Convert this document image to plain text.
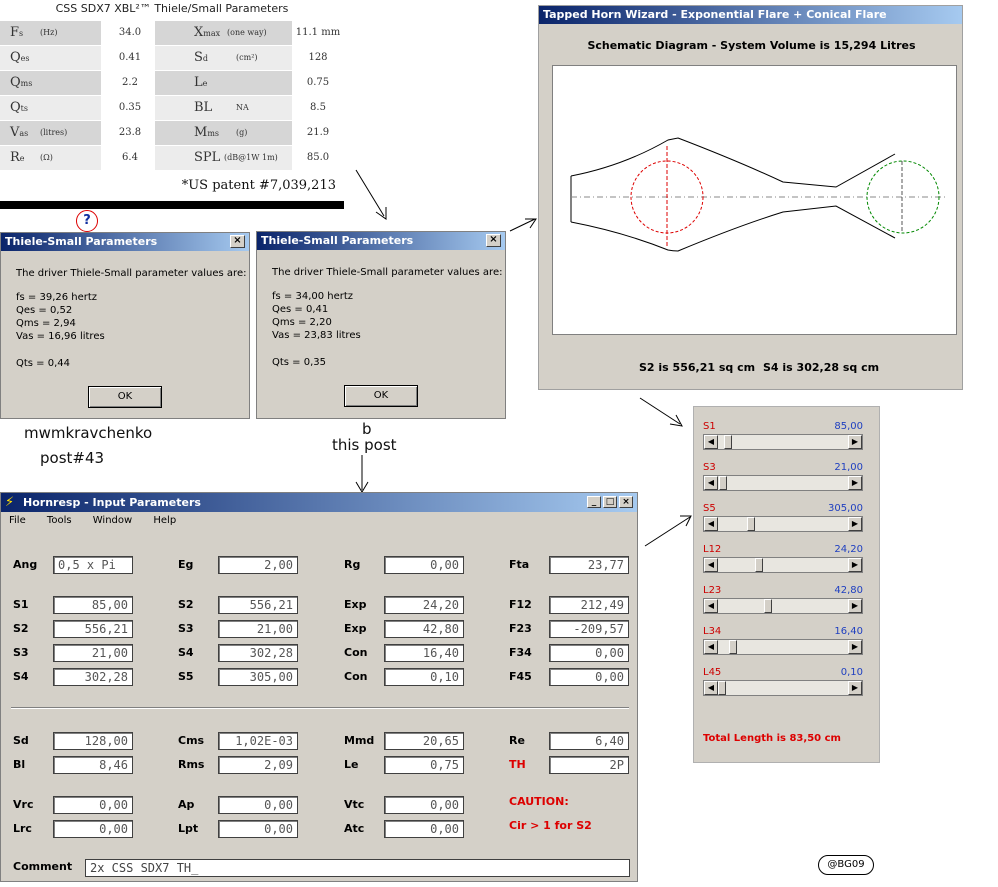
CSS SDX7 XBL²™ Thiele/Small Parameters
Fs (Hz)	34.0	Xmax (one way)	11.1 mm
Qes	0.41	Sd	(cm²)	128
Qms	2.2	Le	0.75
Qts	0.35	BL	NA	8.5
Vas (litres)	23.8	Mms (g)	21.9
Re (Ω)	6.4	SPL (dB@1W 1m)	85.0
*US patent #7,039,213
?
Thiele-Small Parameters	×
The driver Thiele-Small parameter values are:
fs = 39,26 hertz
Qes = 0,52
Qms = 2,94
Vas = 16,96 litres
Qts = 0,44
OK
Thiele-Small Parameters	×
The driver Thiele-Small parameter values are:
fs = 34,00 hertz
Qes = 0,41
Qms = 2,20
Vas = 23,83 litres
Qts = 0,35
OK
mwmkravchenko
post#43
b
this post
Tapped Horn Wizard - Exponential Flare + Conical Flare
Schematic Diagram - System Volume is 15,294 Litres
S2 is 556,21 sq cm S4 is 302,28 sq cm
S1	85,00
◀	▶
S3	21,00
◀	▶
S5	305,00
◀	▶
L12	24,20
◀	▶
L23	42,80
◀	▶
L34	16,40
◀	▶
L45	0,10
◀	▶
Total Length is 83,50 cm
⚡ Hornresp - Input Parameters	_	□ ×
File Tools Window Help
Ang	0,5 x Pi	Eg	2,00	Rg	0,00	Fta	23,77
S1	85,00	S2	556,21	Exp	24,20	F12	212,49
S2	556,21	S3	21,00	Exp	42,80	F23	-209,57
S3	21,00	S4	302,28	Con	16,40	F34	0,00
S4	302,28	S5	305,00	Con	0,10	F45	0,00
Sd	128,00	Cms	1,02E-03	Mmd	20,65	Re	6,40
Bl	8,46	Rms	2,09	Le	0,75	TH	2P
Vrc	0,00	Ap	0,00	Vtc	0,00
Lrc	0,00	Lpt	0,00	Atc	0,00
CAUTION:
Cir > 1 for S2
Comment	2x CSS SDX7 TH_	@BG09
